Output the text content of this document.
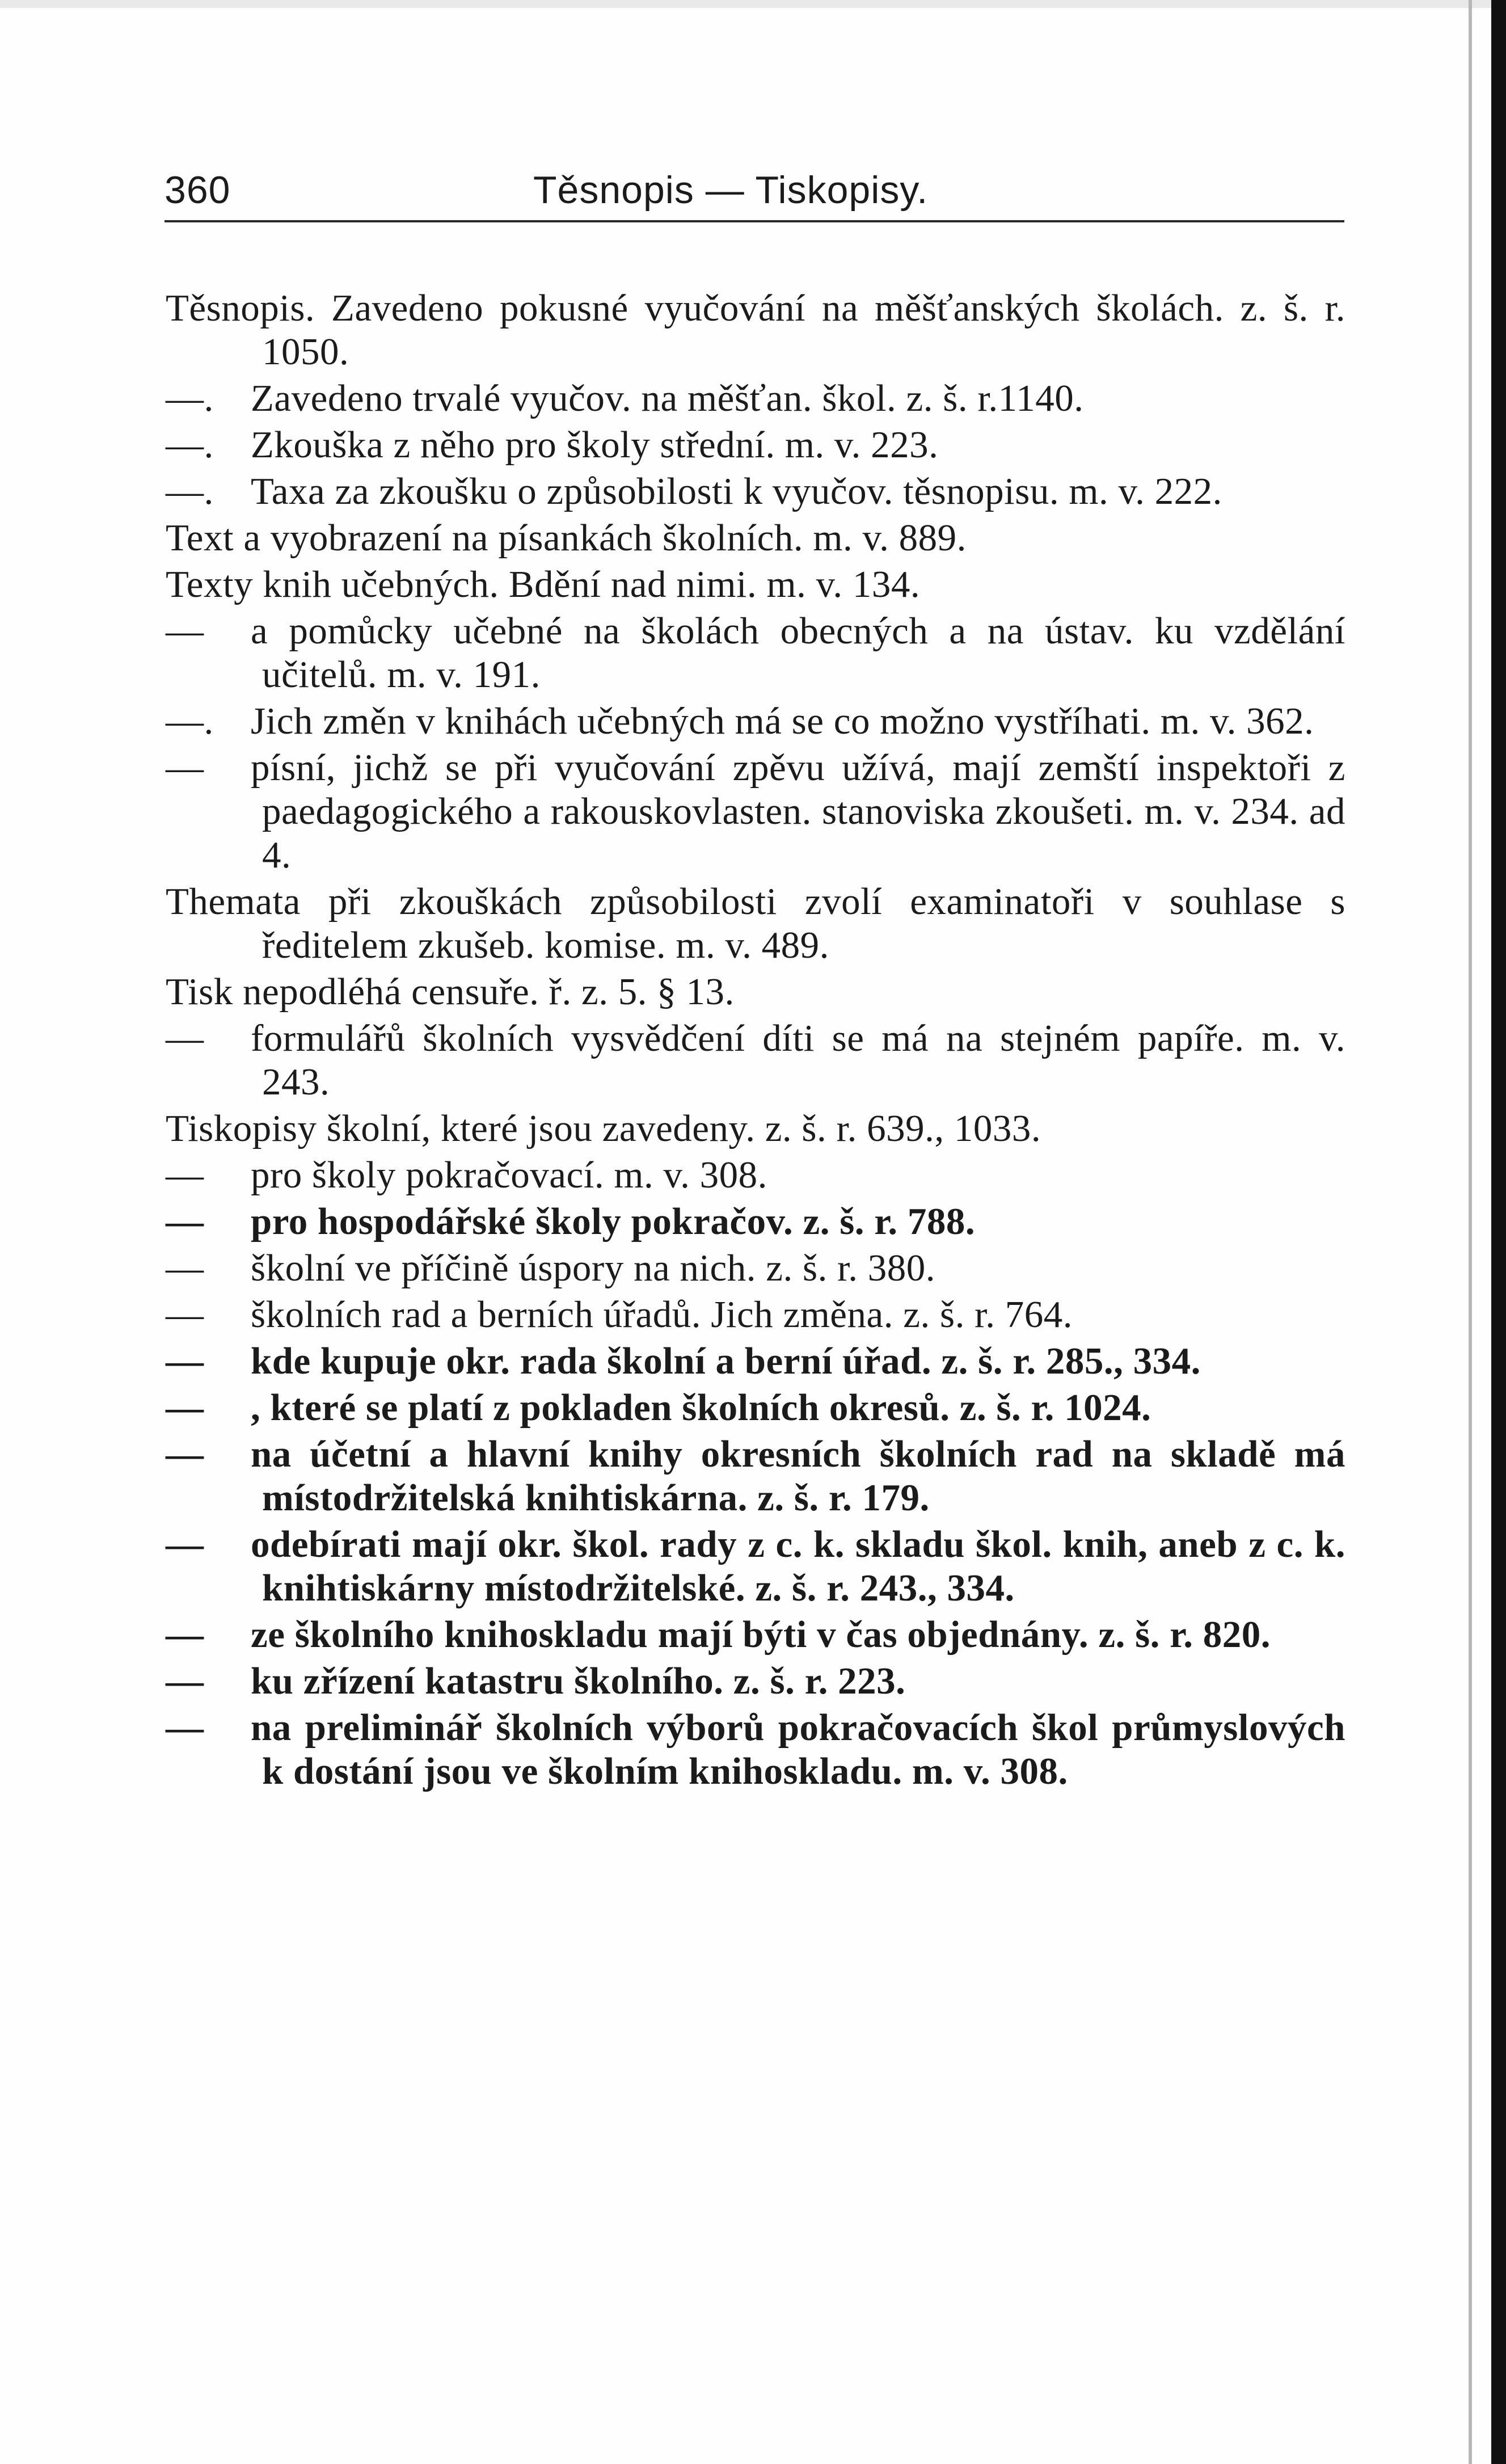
360	Těsnopis — Tiskopisy.

Těsnopis. Zavedeno pokusné vyučování na měšťanských školách. z. š. r. 1050.

—. Zavedeno trvalé vyučov. na měšťan. škol. z. š. r.1140.

—. Zkouška z něho pro školy střední. m. v. 223.

—. Taxa za zkoušku o způsobilosti k vyučov. těsnopisu. m. v. 222.

Text a vyobrazení na písankách školních. m. v. 889.

Texty knih učebných. Bdění nad nimi. m. v. 134.

— a pomůcky učebné na školách obecných a na ústav. ku vzdělání učitelů. m. v. 191.

—. Jich změn v knihách učebných má se co možno vystříhati. m. v. 362.

— písní, jichž se při vyučování zpěvu užívá, mají zemští inspektoři z paedagogického a rakouskovlasten. stanoviska zkoušeti. m. v. 234. ad 4.

Themata při zkouškách způsobilosti zvolí examinatoři v souhlase s ředitelem zkušeb. komise. m. v. 489.

Tisk nepodléhá censuře. ř. z. 5. § 13.

— formulářů školních vysvědčení díti se má na stejném papíře. m. v. 243.

Tiskopisy školní, které jsou zavedeny. z. š. r. 639., 1033.

— pro školy pokračovací. m. v. 308.

— pro hospodářské školy pokračov. z. š. r. 788.

— školní ve příčině úspory na nich. z. š. r. 380.

— školních rad a berních úřadů. Jich změna. z. š. r. 764.

— kde kupuje okr. rada školní a berní úřad. z. š. r. 285., 334.

— , které se platí z pokladen školních okresů. z. š. r. 1024.

— na účetní a hlavní knihy okresních školních rad na skladě má místodržitelská knihtiskárna. z. š. r. 179.

— odebírati mají okr. škol. rady z c. k. skladu škol. knih, aneb z c. k. knihtiskárny místodržitelské. z. š. r. 243., 334.

— ze školního knihoskladu mají býti v čas objednány. z. š. r. 820.

— ku zřízení katastru školního. z. š. r. 223.

— na preliminář školních výborů pokračovacích škol průmyslových k dostání jsou ve školním knihoskladu. m. v. 308.
